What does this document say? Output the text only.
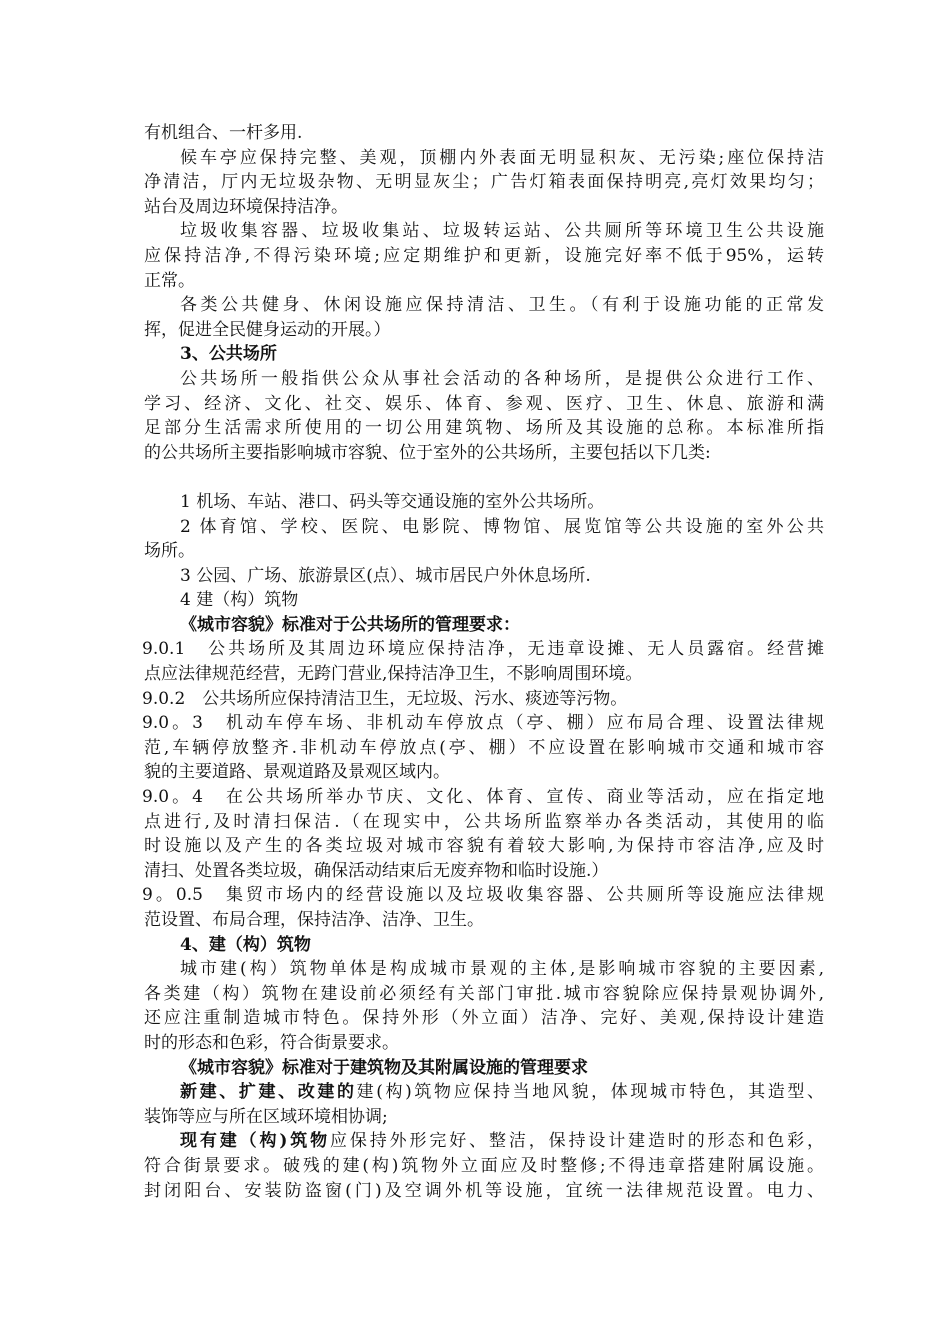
有机组合、一杆多用.
候车亭应保持完整、美观，顶棚内外表面无明显积灰、无污染;座位保持洁
净清洁，厅内无垃圾杂物、无明显灰尘；广告灯箱表面保持明亮,亮灯效果均匀；
站台及周边环境保持洁净。
垃圾收集容器、垃圾收集站、垃圾转运站、公共厕所等环境卫生公共设施
应保持洁净,不得污染环境;应定期维护和更新，设施完好率不低于95%，运转
正常。
各类公共健身、休闲设施应保持清洁、卫生。（有利于设施功能的正常发
挥，促进全民健身运动的开展。）
3、公共场所
公共场所一般指供公众从事社会活动的各种场所，是提供公众进行工作、
学习、经济、文化、社交、娱乐、体育、参观、医疗、卫生、休息、旅游和满
足部分生活需求所使用的一切公用建筑物、场所及其设施的总称。本标准所指
的公共场所主要指影响城市容貌、位于室外的公共场所，主要包括以下几类:
1 机场、车站、港口、码头等交通设施的室外公共场所。
2 体育馆、学校、医院、电影院、博物馆、展览馆等公共设施的室外公共
场所。
3 公园、广场、旅游景区(点）、城市居民户外休息场所.
4 建（构）筑物
《城市容貌》标准对于公共场所的管理要求：
9.0.1　公共场所及其周边环境应保持洁净，无违章设摊、无人员露宿。经营摊
点应法律规范经营，无跨门营业,保持洁净卫生，不影响周围环境。
9.0.2　公共场所应保持清洁卫生，无垃圾、污水、痰迹等污物。
9.0。3　机动车停车场、非机动车停放点（亭、棚）应布局合理、设置法律规
范,车辆停放整齐.非机动车停放点(亭、棚）不应设置在影响城市交通和城市容
貌的主要道路、景观道路及景观区域内。
9.0。4　在公共场所举办节庆、文化、体育、宣传、商业等活动，应在指定地
点进行,及时清扫保洁.（在现实中，公共场所监察举办各类活动，其使用的临
时设施以及产生的各类垃圾对城市容貌有着较大影响,为保持市容洁净,应及时
清扫、处置各类垃圾，确保活动结束后无废弃物和临时设施.）
9。0.5　集贸市场内的经营设施以及垃圾收集容器、公共厕所等设施应法律规
范设置、布局合理，保持洁净、洁净、卫生。
4、建（构）筑物
城市建(构）筑物单体是构成城市景观的主体,是影响城市容貌的主要因素,
各类建（构）筑物在建设前必须经有关部门审批.城市容貌除应保持景观协调外,
还应注重制造城市特色。保持外形（外立面）洁净、完好、美观,保持设计建造
时的形态和色彩，符合街景要求。
《城市容貌》标准对于建筑物及其附属设施的管理要求
新建、扩建、改建的建(构)筑物应保持当地风貌，体现城市特色，其造型、
装饰等应与所在区域环境相协调;
现有建（构)筑物应保持外形完好、整洁，保持设计建造时的形态和色彩，
符合街景要求。破残的建(构)筑物外立面应及时整修;不得违章搭建附属设施。
封闭阳台、安装防盗窗(门)及空调外机等设施，宜统一法律规范设置。电力、
